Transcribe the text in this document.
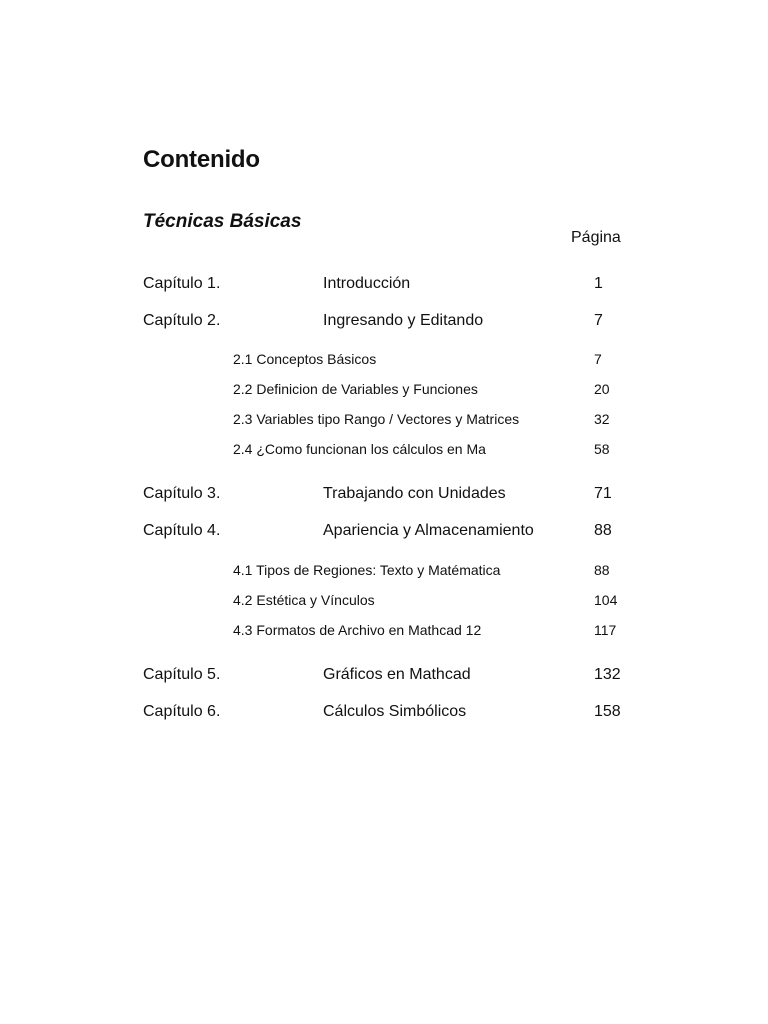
Contenido
Técnicas Básicas
Página
Capítulo 1.	Introducción	1
Capítulo 2.	Ingresando y Editando	7
2.1 Conceptos Básicos	7
2.2 Definicion de Variables y Funciones	20
2.3 Variables tipo Rango / Vectores y Matrices	32
2.4 ¿Como funcionan los cálculos en Ma	58
Capítulo 3.	Trabajando con Unidades	71
Capítulo 4.	Apariencia y Almacenamiento	88
4.1 Tipos de Regiones: Texto y Matématica	88
4.2 Estética y Vínculos	104
4.3 Formatos de Archivo en Mathcad 12	117
Capítulo 5.	Gráficos en Mathcad	132
Capítulo 6.	Cálculos Simbólicos	158
